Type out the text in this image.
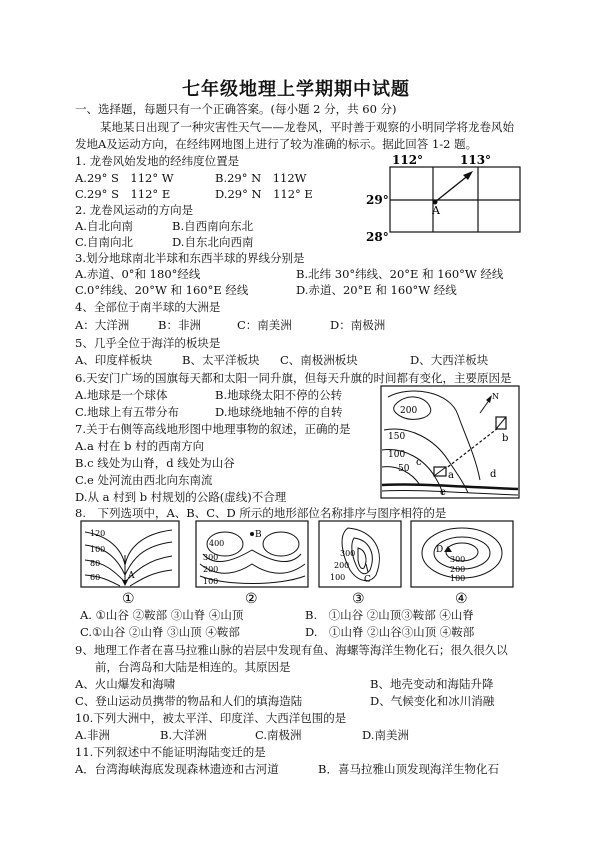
七年级地理上学期期中试题
一、选择题，每题只有一个正确答案。(每小题 2 分，共 60 分)
某地某日出现了一种灾害性天气——龙卷风，平时善于观察的小明同学将龙卷风始
发地A及运动方向，在经纬网地图上进行了较为准确的标示。据此回答 1-2 题。
112°	113°
A
29°
28°
1. 龙卷风始发地的经纬度位置是
A.29° S　112° W	B.29° N　112W
C.29° S　112° E	D.29° N　112° E
2. 龙卷风运动的方向是
A.自北向南	B.自西南向东北
C.自南向北	D.自东北向西南
3.划分地球南北半球和东西半球的界线分别是
A.赤道、0°和 180°经线	B.北纬 30°纬线、20°E 和 160°W 经线
C.0°纬线、20°W 和 160°E 经线	D.赤道、20°E 和 160°W 经线
4、全部位于南半球的大洲是
A：大洋洲 B：非洲	C：南美洲	D：南极洲
5、几乎全位于海洋的板块是
A、印度样板块	B、太平洋板块 C、南极洲板块	D、大西洋板块
6.天安门广场的国旗每天都和太阳一同升旗，但每天升旗的时间都有变化，主要原因是
A.地球是一个球体	B.地球绕太阳不停的公转
C.地球上有五带分布	D.地球绕地轴不停的自转
7.关于右侧等高线地形图中地理事物的叙述，正确的是
A.a 村在 b 村的西南方向
B.c 线处为山脊，d 线处为山谷
C.e 处河流由西北向东南流
D.从 a 村到 b 村规划的公路(虚线)不合理
200
150
100
50
a
b
N
c
d
e
8.　下列选项中，A、B、C、D 所示的地形部位名称排序与图序相符的是
120
100
80
60	A
①
B
400
300
200
100
②
C
300
200
100
③
D
300
200
100
④
A. ①山谷 ②鞍部 ③山脊 ④山顶	B.　①山谷 ②山顶③鞍部 ④山脊
C.①山谷 ②山脊 ③山顶 ④鞍部	D.　①山脊 ②山谷③山顶 ④鞍部
9、地理工作者在喜马拉雅山脉的岩层中发现有鱼、海螺等海洋生物化石；很久很久以
前，台湾岛和大陆是相连的。其原因是
A、火山爆发和海啸	B、地壳变动和海陆升降
C、登山运动员携带的物品和人们的填海造陆	D、气候变化和冰川消融
10.下列大洲中，被太平洋、印度洋、大西洋包围的是
A.非洲	B.大洋洲	C.南极洲	D.南美洲
11.下列叙述中不能证明海陆变迁的是
A．台湾海峡海底发现森林遗迹和古河道	B．喜马拉雅山顶发现海洋生物化石
